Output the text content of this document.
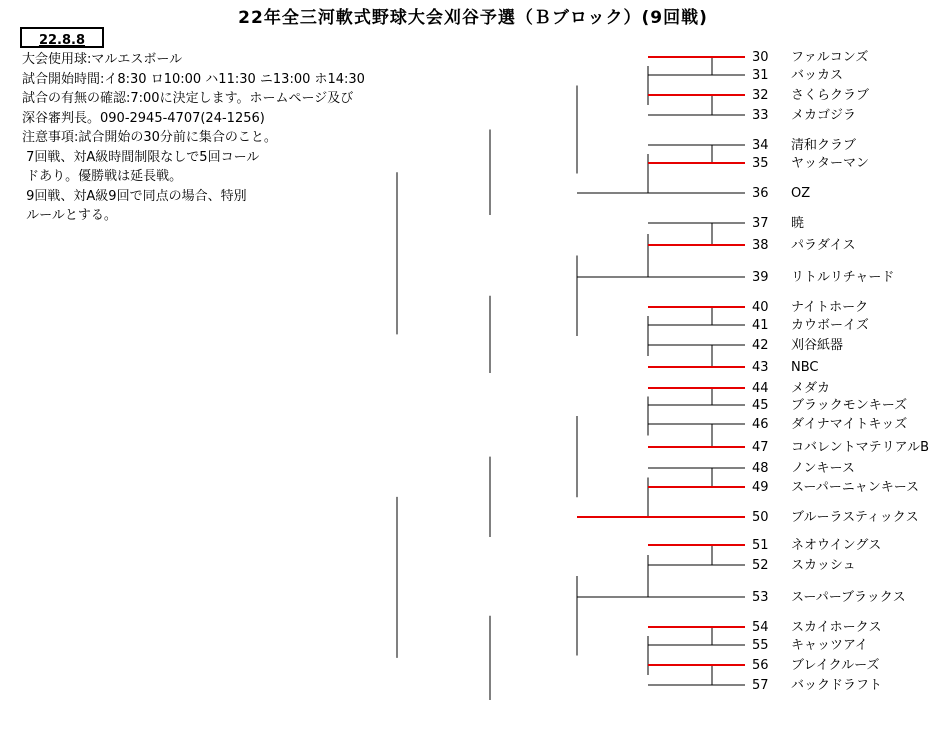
22年全三河軟式野球大会刈谷予選（Ｂブロック）(9回戦)
22.8.8
大会使用球:マルエスボール
試合開始時間:イ8:30 ロ10:00 ハ11:30 ニ13:00 ホ14:30
試合の有無の確認:7:00に決定します。ホームページ及び
深谷審判長。090-2945-4707(24-1256)
注意事項:試合開始の30分前に集合のこと。
7回戦、対A級時間制限なしで5回コール
ドあり。優勝戦は延長戦。
9回戦、対A級9回で同点の場合、特別
ルールとする。
30 ファルコンズ
31 バッカス
32 さくらクラブ
33 メカゴジラ
34 清和クラブ
35 ヤッターマン
36 OZ
37 暁
38 パラダイス
39 リトルリチャード
40 ナイトホーク
41 カウボーイズ
42 刈谷紙器
43 NBC
44 メダカ
45 ブラックモンキーズ
46 ダイナマイトキッズ
47 コバレントマテリアルB
48 ノンキース
49 スーパーニャンキース
50 ブルーラスティックス
51 ネオウイングス
52 スカッシュ
53 スーパーブラックス
54 スカイホークス
55 キャッツアイ
56 ブレイクルーズ
57 バックドラフト
